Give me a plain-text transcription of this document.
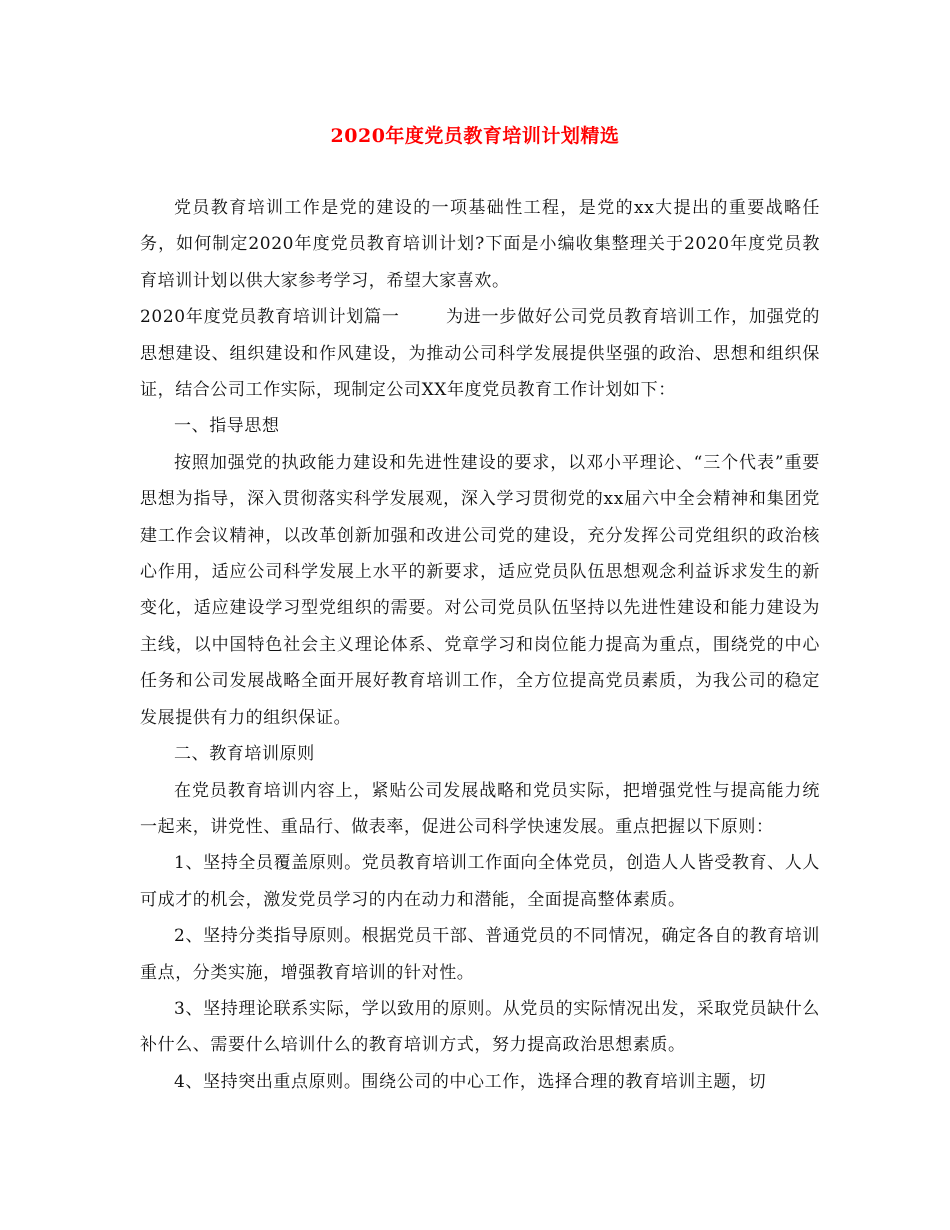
2020年度党员教育培训计划精选

党员教育培训工作是党的建设的一项基础性工程，是党的xx大提出的重要战略任务，如何制定2020年度党员教育培训计划?下面是小编收集整理关于2020年度党员教育培训计划以供大家参考学习，希望大家喜欢。

2020年度党员教育培训计划篇一	为进一步做好公司党员教育培训工作，加强党的思想建设、组织建设和作风建设，为推动公司科学发展提供坚强的政治、思想和组织保证，结合公司工作实际，现制定公司XX年度党员教育工作计划如下：

一、指导思想

按照加强党的执政能力建设和先进性建设的要求，以邓小平理论、“三个代表”重要思想为指导，深入贯彻落实科学发展观，深入学习贯彻党的xx届六中全会精神和集团党建工作会议精神，以改革创新加强和改进公司党的建设，充分发挥公司党组织的政治核心作用，适应公司科学发展上水平的新要求，适应党员队伍思想观念利益诉求发生的新变化，适应建设学习型党组织的需要。对公司党员队伍坚持以先进性建设和能力建设为主线，以中国特色社会主义理论体系、党章学习和岗位能力提高为重点，围绕党的中心任务和公司发展战略全面开展好教育培训工作，全方位提高党员素质，为我公司的稳定发展提供有力的组织保证。

二、教育培训原则

在党员教育培训内容上，紧贴公司发展战略和党员实际，把增强党性与提高能力统一起来，讲党性、重品行、做表率，促进公司科学快速发展。重点把握以下原则：

1、坚持全员覆盖原则。党员教育培训工作面向全体党员，创造人人皆受教育、人人可成才的机会，激发党员学习的内在动力和潜能，全面提高整体素质。

2、坚持分类指导原则。根据党员干部、普通党员的不同情况，确定各自的教育培训重点，分类实施，增强教育培训的针对性。

3、坚持理论联系实际，学以致用的原则。从党员的实际情况出发，采取党员缺什么补什么、需要什么培训什么的教育培训方式，努力提高政治思想素质。

4、坚持突出重点原则。围绕公司的中心工作，选择合理的教育培训主题，切
